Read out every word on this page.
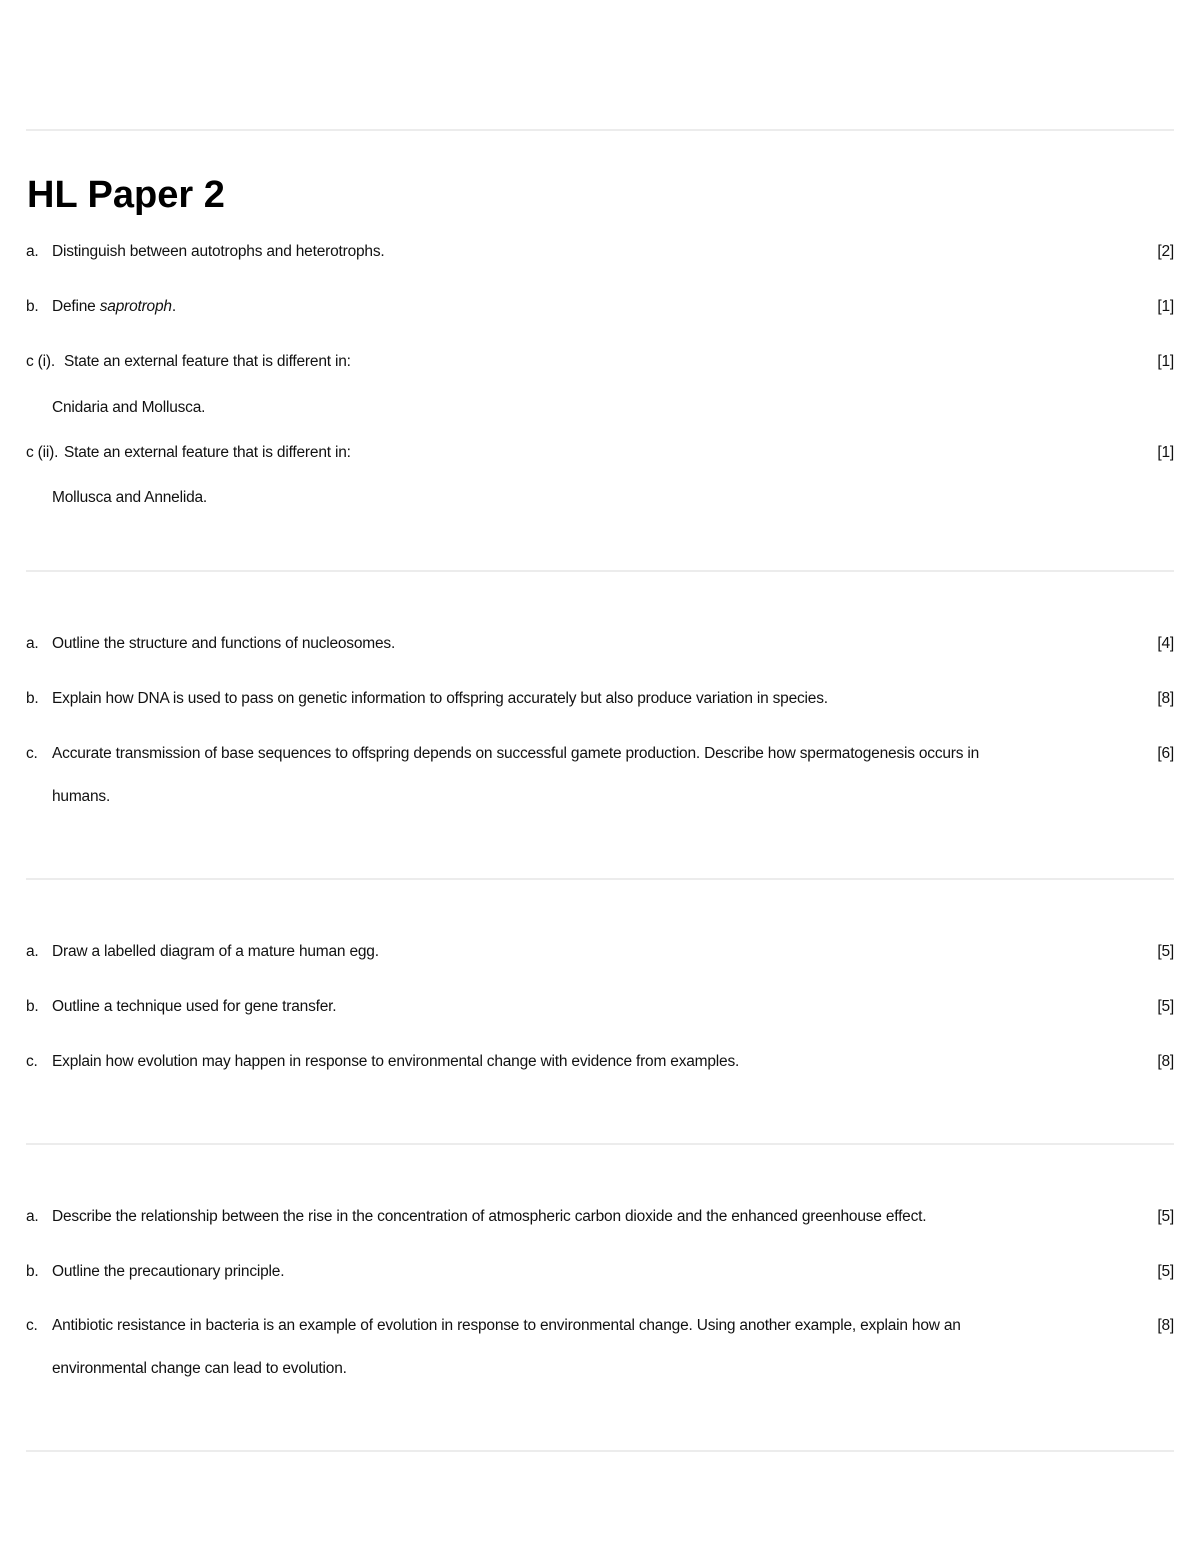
HL Paper 2
a. Distinguish between autotrophs and heterotrophs.	[2]
b. Define saprotroph.	[1]
c (i). State an external feature that is different in:	[1]
Cnidaria and Mollusca.
c (ii). State an external feature that is different in:	[1]
Mollusca and Annelida.
a. Outline the structure and functions of nucleosomes.	[4]
b. Explain how DNA is used to pass on genetic information to offspring accurately but also produce variation in species.	[8]
c. Accurate transmission of base sequences to offspring depends on successful gamete production. Describe how spermatogenesis occurs in	[6]
humans.
a. Draw a labelled diagram of a mature human egg.	[5]
b. Outline a technique used for gene transfer.	[5]
c. Explain how evolution may happen in response to environmental change with evidence from examples.	[8]
a. Describe the relationship between the rise in the concentration of atmospheric carbon dioxide and the enhanced greenhouse effect.	[5]
b. Outline the precautionary principle.	[5]
c. Antibiotic resistance in bacteria is an example of evolution in response to environmental change. Using another example, explain how an	[8]
environmental change can lead to evolution.
